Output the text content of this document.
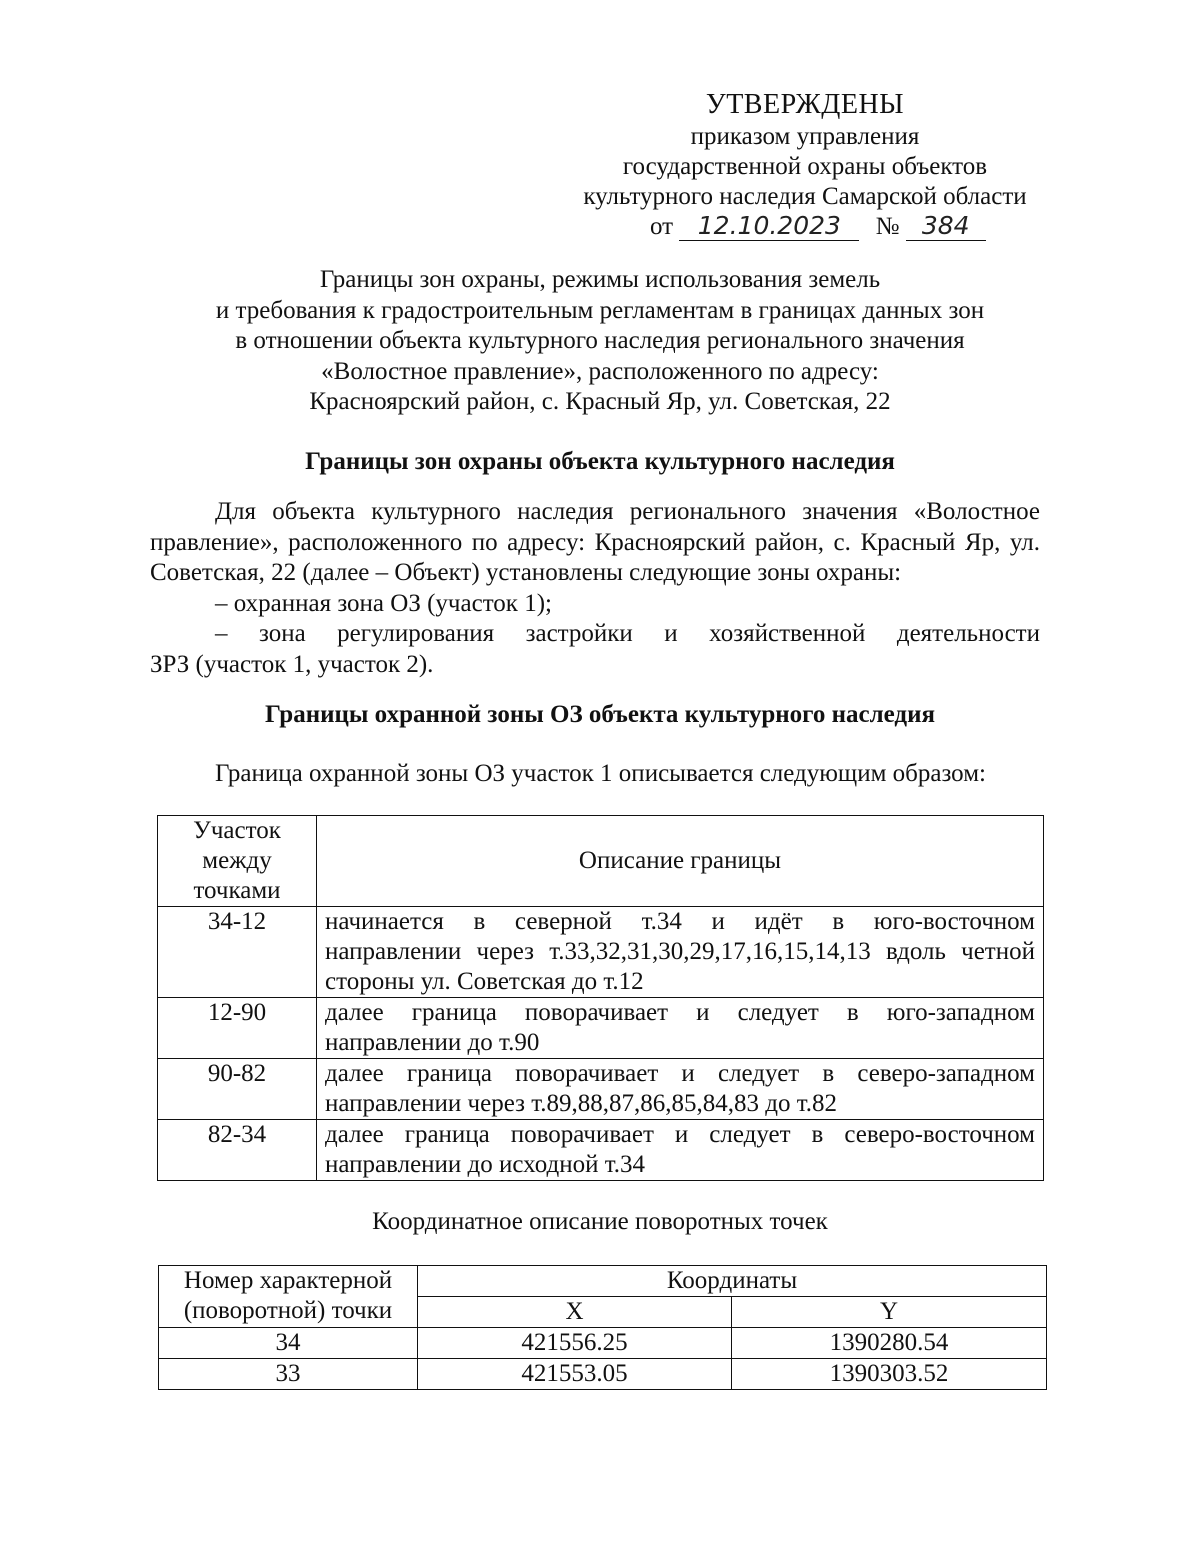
УТВЕРЖДЕНЫ
приказом управления
государственной охраны объектов
культурного наследия Самарской области
от 12.10.2023 № 384
Границы зон охраны, режимы использования земель
и требования к градостроительным регламентам в границах данных зон
в отношении объекта культурного наследия регионального значения
«Волостное правление», расположенного по адресу:
Красноярский район, с. Красный Яр, ул. Советская, 22
Границы зон охраны объекта культурного наследия

Для объекта культурного наследия регионального значения «Волостное правление», расположенного по адресу: Красноярский район, с. Красный Яр, ул. Советская, 22 (далее – Объект) установлены следующие зоны охраны:

– охранная зона ОЗ (участок 1);

– зона регулирования застройки и хозяйственной деятельности

ЗРЗ (участок 1, участок 2).

Границы охранной зоны ОЗ объекта культурного наследия
Граница охранной зоны ОЗ участок 1 описывается следующим образом:
Участок
между
точками	Описание границы
34-12	начинается в северной т.34 и идёт в юго-восточном
направлении через т.33,32,31,30,29,17,16,15,14,13 вдоль четной
стороны ул. Советская до т.12

12-90	далее граница поворачивает и следует в юго-западном
направлении до т.90

90-82	далее граница поворачивает и следует в северо-западном
направлении через т.89,88,87,86,85,84,83 до т.82

82-34	далее граница поворачивает и следует в северо-восточном
направлении до исходной т.34
Координатное описание поворотных точек
Номер характерной
(поворотной) точки	Координаты	
	X	Y
34	421556.25	1390280.54
33	421553.05	1390303.52
